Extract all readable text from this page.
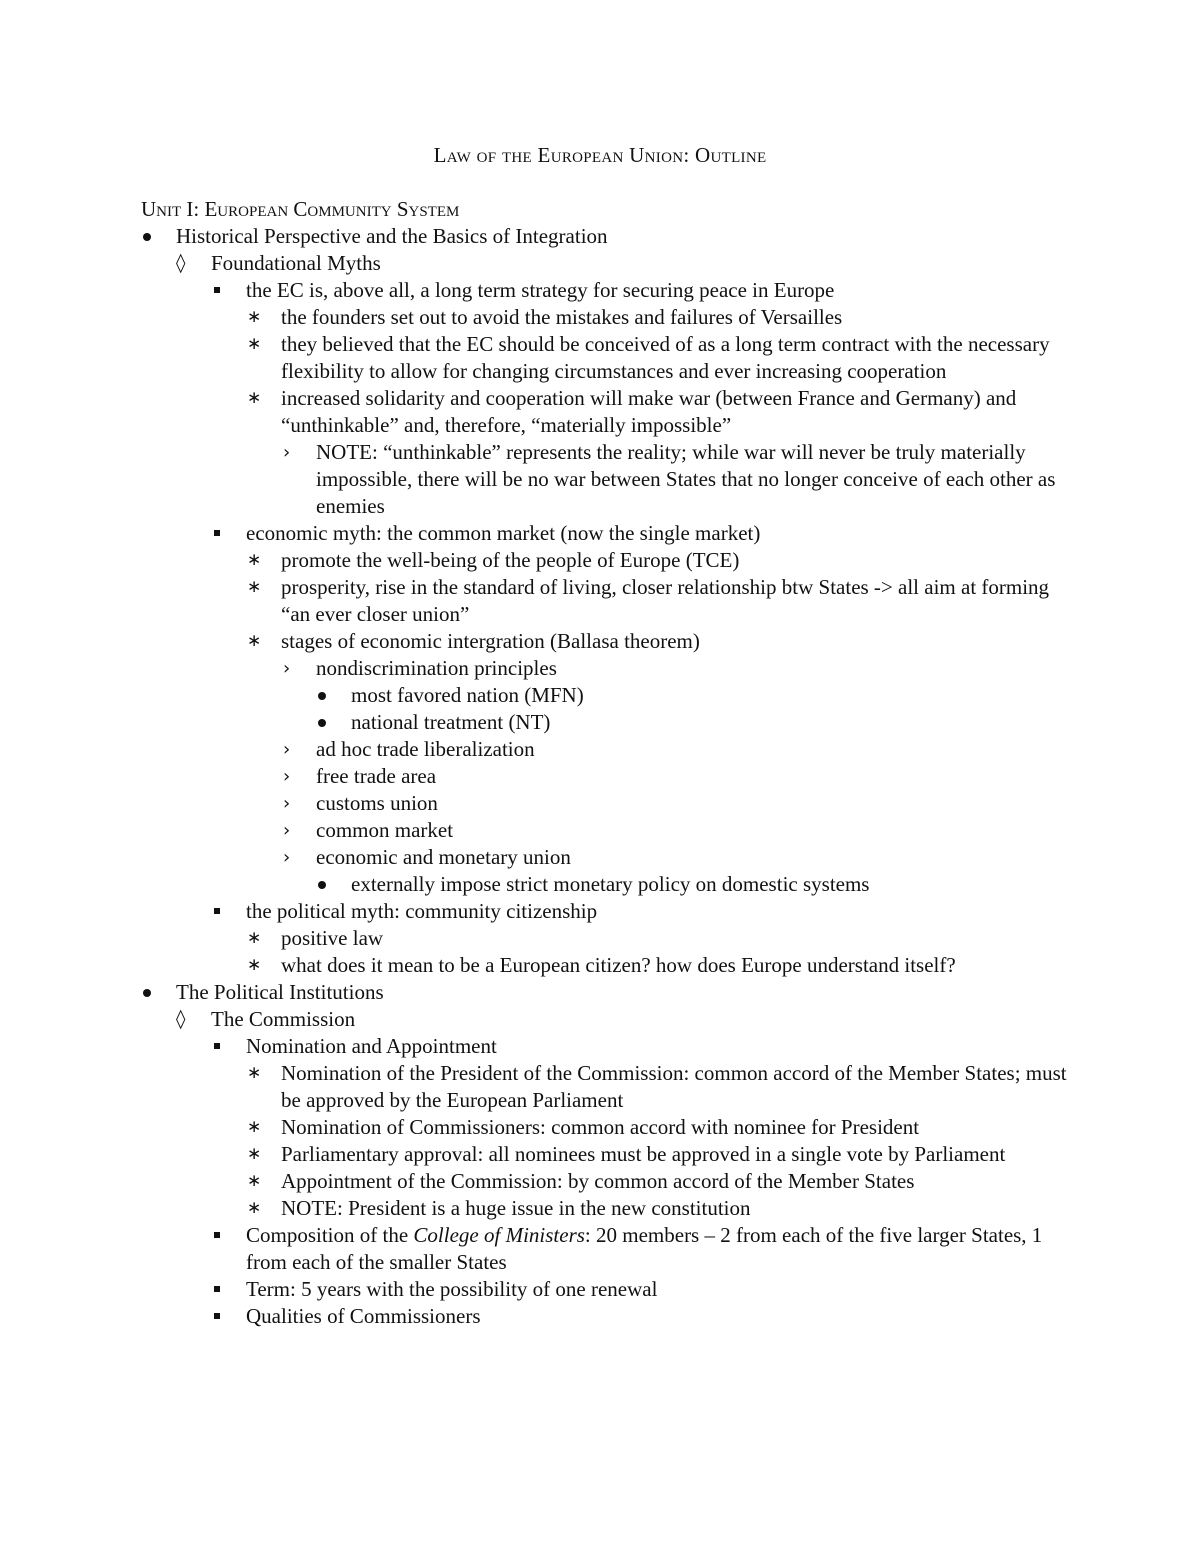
Law of the European Union: Outline
Unit I: European Community System
Historical Perspective and the Basics of Integration
◊	Foundational Myths
the EC is, above all, a long term strategy for securing peace in Europe
∗ the founders set out to avoid the mistakes and failures of Versailles
∗ they believed that the EC should be conceived of as a long term contract with the necessary flexibility to allow for changing circumstances and ever increasing cooperation
∗ increased solidarity and cooperation will make war (between France and Germany) and “unthinkable” and, therefore, “materially impossible”
›	NOTE: “unthinkable” represents the reality; while war will never be truly materially impossible, there will be no war between States that no longer conceive of each other as enemies
economic myth: the common market (now the single market)
∗ promote the well-being of the people of Europe (TCE)
∗ prosperity, rise in the standard of living, closer relationship btw States -> all aim at forming “an ever closer union”
∗ stages of economic intergration (Ballasa theorem)
›	nondiscrimination principles
most favored nation (MFN)
national treatment (NT)
›	ad hoc trade liberalization
›	free trade area
›	customs union
›	common market
›	economic and monetary union
externally impose strict monetary policy on domestic systems
the political myth: community citizenship
∗ positive law
∗ what does it mean to be a European citizen? how does Europe understand itself?
The Political Institutions
◊	The Commission
Nomination and Appointment
∗ Nomination of the President of the Commission: common accord of the Member States; must be approved by the European Parliament
∗ Nomination of Commissioners: common accord with nominee for President
∗ Parliamentary approval: all nominees must be approved in a single vote by Parliament
∗ Appointment of the Commission: by common accord of the Member States
∗ NOTE: President is a huge issue in the new constitution
Composition of the College of Ministers: 20 members – 2 from each of the five larger States, 1 from each of the smaller States
Term: 5 years with the possibility of one renewal
Qualities of Commissioners
